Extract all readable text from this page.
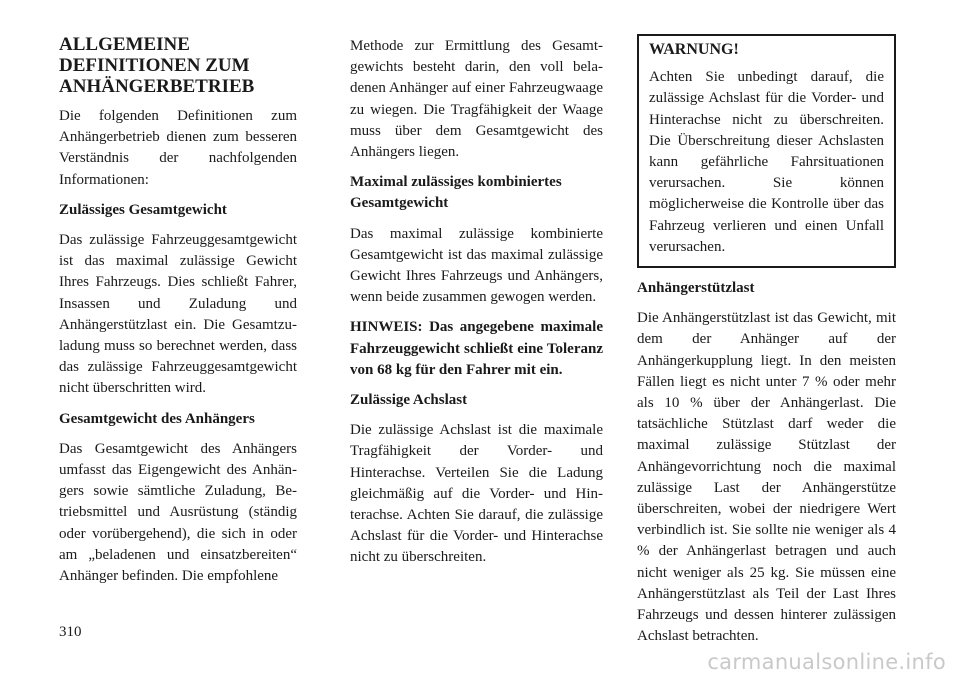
ALLGEMEINE DEFINITIONEN ZUM ANHÄNGERBETRIEB

Die folgenden Definitionen zum Anhängerbetrieb dienen zum besseren Verständnis der nachfolgenden Informationen:

Zulässiges Gesamtgewicht

Das zulässige Fahrzeuggesamtgewicht ist das maximal zulässige Gewicht Ihres Fahrzeugs. Dies schließt Fahrer, Insassen und Zuladung und Anhängerstützlast ein. Die Gesamtzuladung muss so berechnet werden, dass das zulässige Fahrzeuggesamtgewicht nicht überschritten wird.

Gesamtgewicht des Anhängers

Das Gesamtgewicht des Anhängers umfasst das Eigengewicht des Anhängers sowie sämtliche Zuladung, Betriebsmittel und Ausrüstung (ständig oder vorübergehend), die sich in oder am „beladenen und einsatzbereiten“ Anhänger befinden. Die empfohlene

Methode zur Ermittlung des Gesamtgewichts besteht darin, den voll beladenen Anhänger auf einer Fahrzeugwaage zu wiegen. Die Tragfähigkeit der Waage muss über dem Gesamtgewicht des Anhängers liegen.

Maximal zulässiges kombiniertes Gesamtgewicht

Das maximal zulässige kombinierte Gesamtgewicht ist das maximal zulässige Gewicht Ihres Fahrzeugs und Anhängers, wenn beide zusammen gewogen werden.

HINWEIS: Das angegebene maximale Fahrzeuggewicht schließt eine Toleranz von 68 kg für den Fahrer mit ein.

Zulässige Achslast

Die zulässige Achslast ist die maximale Tragfähigkeit der Vorder- und Hinterachse. Verteilen Sie die Ladung gleichmäßig auf die Vorder- und Hinterachse. Achten Sie darauf, die zulässige Achslast für die Vorder- und Hinterachse nicht zu überschreiten.

WARNUNG!

Achten Sie unbedingt darauf, die zulässige Achslast für die Vorder- und Hinterachse nicht zu überschreiten. Die Überschreitung dieser Achslasten kann gefährliche Fahrsituationen verursachen. Sie können möglicherweise die Kontrolle über das Fahrzeug verlieren und einen Unfall verursachen.

Anhängerstützlast

Die Anhängerstützlast ist das Gewicht, mit dem der Anhänger auf der Anhängerkupplung liegt. In den meisten Fällen liegt es nicht unter 7 % oder mehr als 10 % über der Anhängerlast. Die tatsächliche Stützlast darf weder die maximal zulässige Stützlast der Anhängevorrichtung noch die maximal zulässige Last der Anhängerstütze überschreiten, wobei der niedrigere Wert verbindlich ist. Sie sollte nie weniger als 4 % der Anhängerlast betragen und auch nicht weniger als 25 kg. Sie müssen eine Anhängerstützlast als Teil der Last Ihres Fahrzeugs und dessen hinterer zulässigen Achslast betrachten.

310
carmanualsonline.info
